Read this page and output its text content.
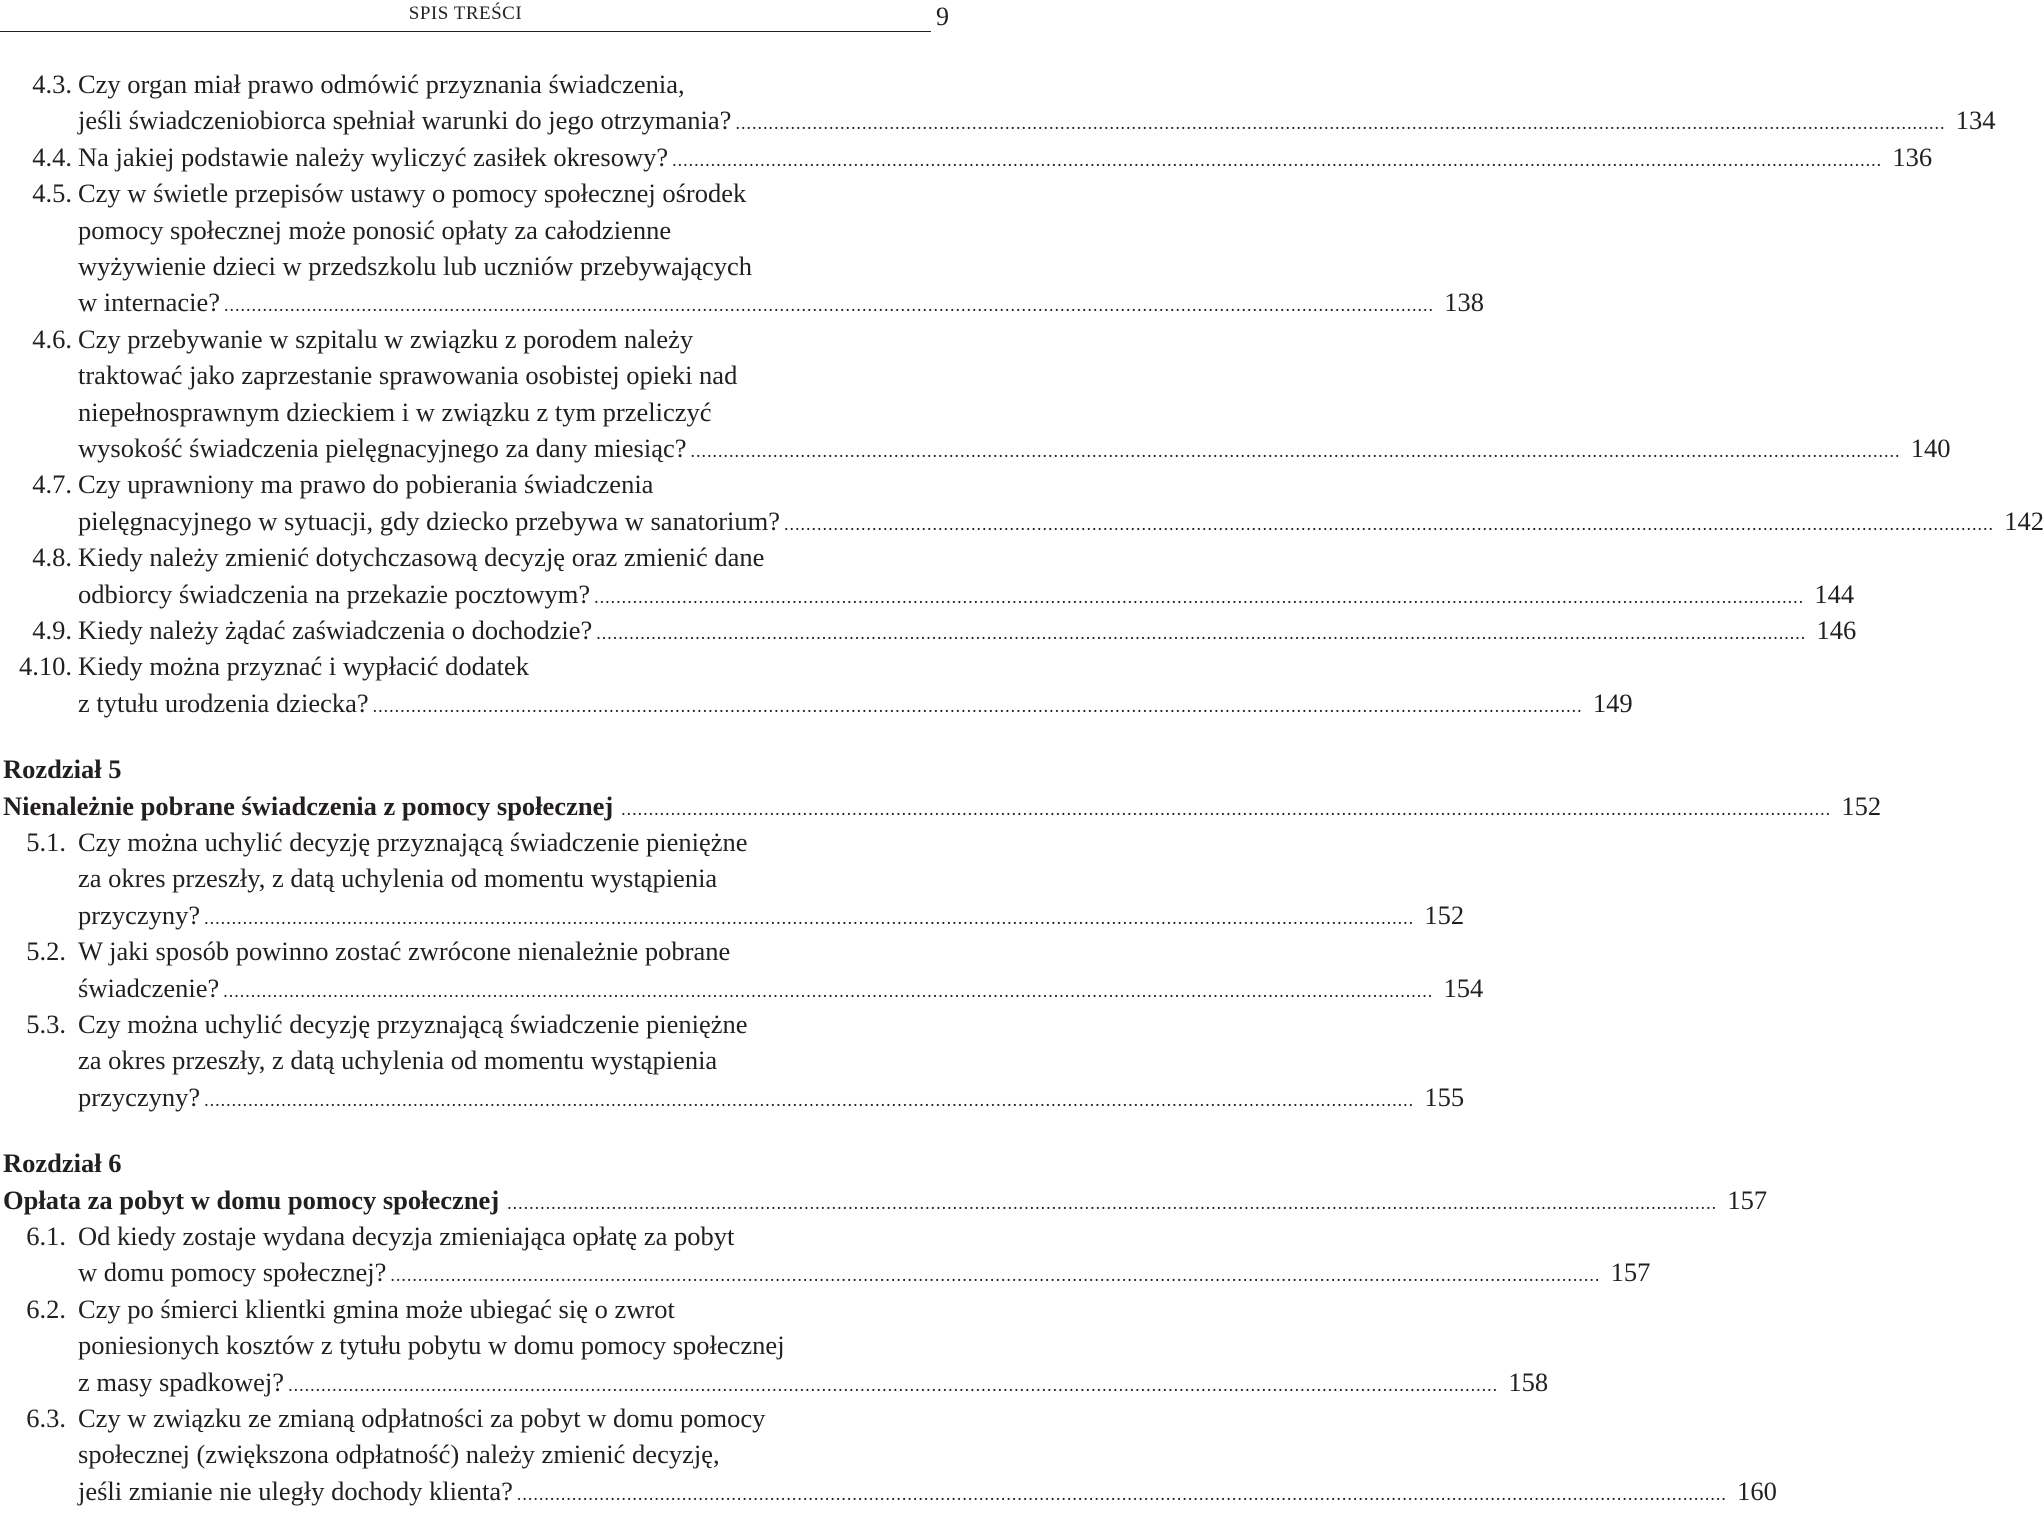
SPIS TREŚCI	9
4.3. Czy organ miał prawo odmówić przyznania świadczenia,
jeśli świadczeniobiorca spełniał warunki do jego otrzymania? ............................................................................................................................................................................................................................ 134
4.4. Na jakiej podstawie należy wyliczyć zasiłek okresowy? ............................................................................................................................................................................................................................ 136
4.5. Czy w świetle przepisów ustawy o pomocy społecznej ośrodek
pomocy społecznej może ponosić opłaty za całodzienne
wyżywienie dzieci w przedszkolu lub uczniów przebywających
w internacie? ............................................................................................................................................................................................................................ 138
4.6. Czy przebywanie w szpitalu w związku z porodem należy
traktować jako zaprzestanie sprawowania osobistej opieki nad
niepełnosprawnym dzieckiem i w związku z tym przeliczyć
wysokość świadczenia pielęgnacyjnego za dany miesiąc? ............................................................................................................................................................................................................................ 140
4.7. Czy uprawniony ma prawo do pobierania świadczenia
pielęgnacyjnego w sytuacji, gdy dziecko przebywa w sanatorium? ............................................................................................................................................................................................................................ 142
4.8. Kiedy należy zmienić dotychczasową decyzję oraz zmienić dane
odbiorcy świadczenia na przekazie pocztowym? ............................................................................................................................................................................................................................ 144
4.9. Kiedy należy żądać zaświadczenia o dochodzie? ............................................................................................................................................................................................................................ 146
4.10. Kiedy można przyznać i wypłacić dodatek
z tytułu urodzenia dziecka? ............................................................................................................................................................................................................................ 149
Rozdział 5
Nienależnie pobrane świadczenia z pomocy społecznej ............................................................................................................................................................................................................................ 152
5.1. Czy można uchylić decyzję przyznającą świadczenie pieniężne
za okres przeszły, z datą uchylenia od momentu wystąpienia
przyczyny? ............................................................................................................................................................................................................................ 152
5.2. W jaki sposób powinno zostać zwrócone nienależnie pobrane
świadczenie? ............................................................................................................................................................................................................................ 154
5.3. Czy można uchylić decyzję przyznającą świadczenie pieniężne
za okres przeszły, z datą uchylenia od momentu wystąpienia
przyczyny? ............................................................................................................................................................................................................................ 155
Rozdział 6
Opłata za pobyt w domu pomocy społecznej ............................................................................................................................................................................................................................ 157
6.1. Od kiedy zostaje wydana decyzja zmieniająca opłatę za pobyt
w domu pomocy społecznej? ............................................................................................................................................................................................................................ 157
6.2. Czy po śmierci klientki gmina może ubiegać się o zwrot
poniesionych kosztów z tytułu pobytu w domu pomocy społecznej
z masy spadkowej? ............................................................................................................................................................................................................................ 158
6.3. Czy w związku ze zmianą odpłatności za pobyt w domu pomocy
społecznej (zwiększona odpłatność) należy zmienić decyzję,
jeśli zmianie nie uległy dochody klienta? ............................................................................................................................................................................................................................ 160
